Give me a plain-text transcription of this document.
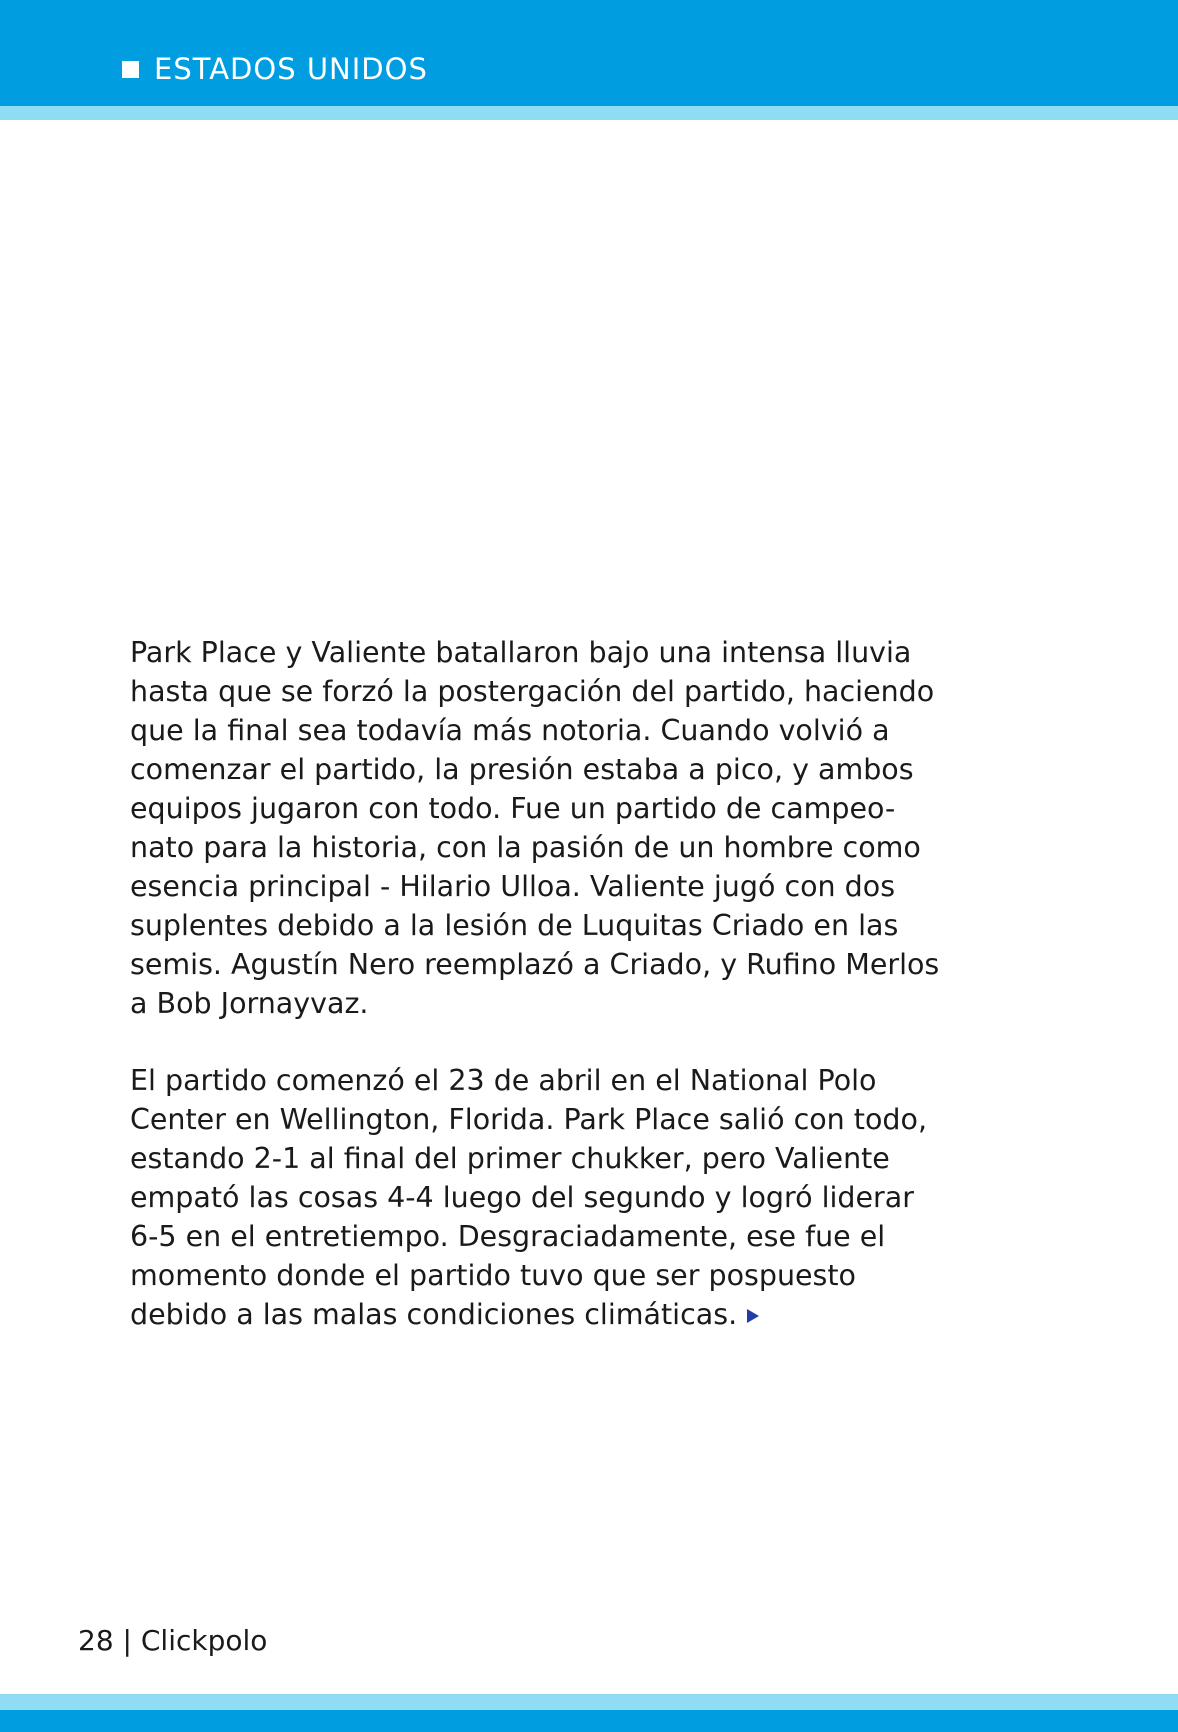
ESTADOS UNIDOS
Park Place y Valiente batallaron bajo una intensa lluvia
hasta que se forzó la postergación del partido, haciendo
que la final sea todavía más notoria. Cuando volvió a
comenzar el partido, la presión estaba a pico, y ambos
equipos jugaron con todo. Fue un partido de campeo-
nato para la historia, con la pasión de un hombre como
esencia principal - Hilario Ulloa. Valiente jugó con dos
suplentes debido a la lesión de Luquitas Criado en las
semis. Agustín Nero reemplazó a Criado, y Rufino Merlos
a Bob Jornayvaz.
El partido comenzó el 23 de abril en el National Polo
Center en Wellington, Florida. Park Place salió con todo,
estando 2-1 al final del primer chukker, pero Valiente
empató las cosas 4-4 luego del segundo y logró liderar
6-5 en el entretiempo. Desgraciadamente, ese fue el
momento donde el partido tuvo que ser pospuesto
debido a las malas condiciones climáticas.

28 | Clickpolo
